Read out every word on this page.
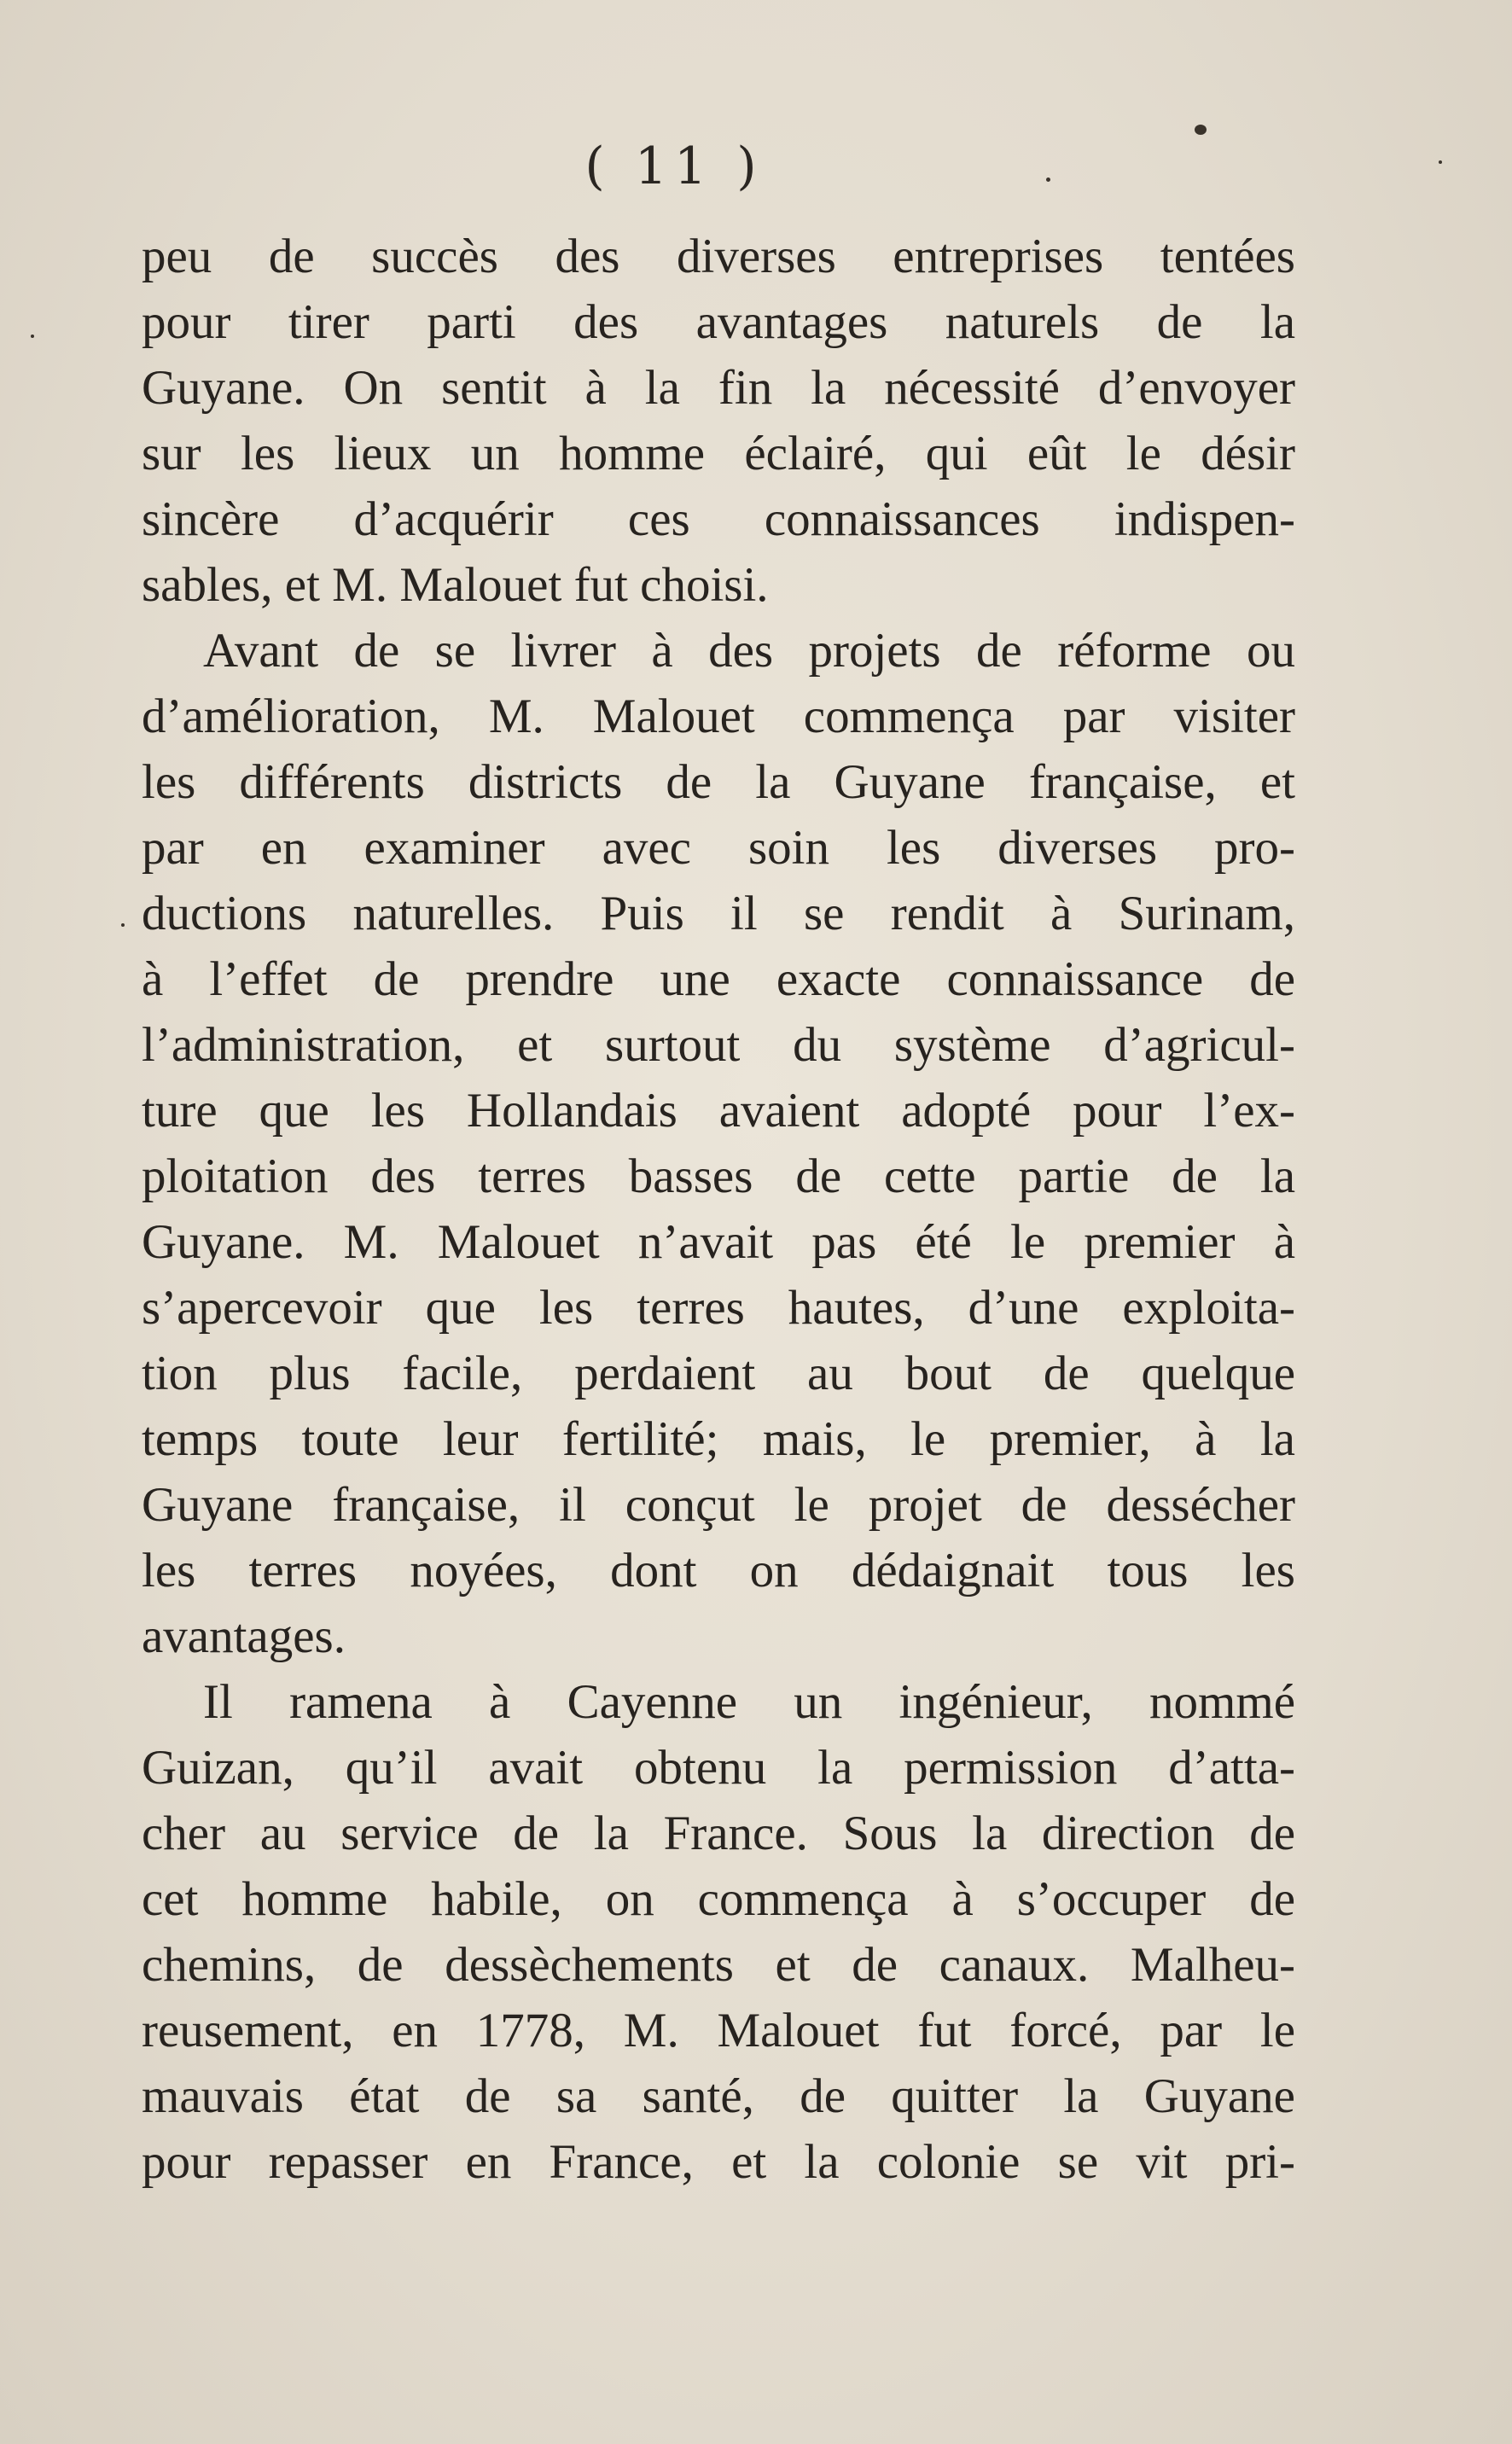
( 11 )
peu de succès des diverses entreprises tentées
pour tirer parti des avantages naturels de la
Guyane. On sentit à la fin la nécessité d’envoyer
sur les lieux un homme éclairé, qui eût le désir
sincère d’acquérir ces connaissances indispen-
sables, et M. Malouet fut choisi.
Avant de se livrer à des projets de réforme ou
d’amélioration, M. Malouet commença par visiter
les différents districts de la Guyane française, et
par en examiner avec soin les diverses pro-
ductions naturelles. Puis il se rendit à Surinam,
à l’effet de prendre une exacte connaissance de
l’administration, et surtout du système d’agricul-
ture que les Hollandais avaient adopté pour l’ex-
ploitation des terres basses de cette partie de la
Guyane. M. Malouet n’avait pas été le premier à
s’apercevoir que les terres hautes, d’une exploita-
tion plus facile, perdaient au bout de quelque
temps toute leur fertilité; mais, le premier, à la
Guyane française, il conçut le projet de dessécher
les terres noyées, dont on dédaignait tous les
avantages.
Il ramena à Cayenne un ingénieur, nommé
Guizan, qu’il avait obtenu la permission d’atta-
cher au service de la France. Sous la direction de
cet homme habile, on commença à s’occuper de
chemins, de dessèchements et de canaux. Malheu-
reusement, en 1778, M. Malouet fut forcé, par le
mauvais état de sa santé, de quitter la Guyane
pour repasser en France, et la colonie se vit pri-
